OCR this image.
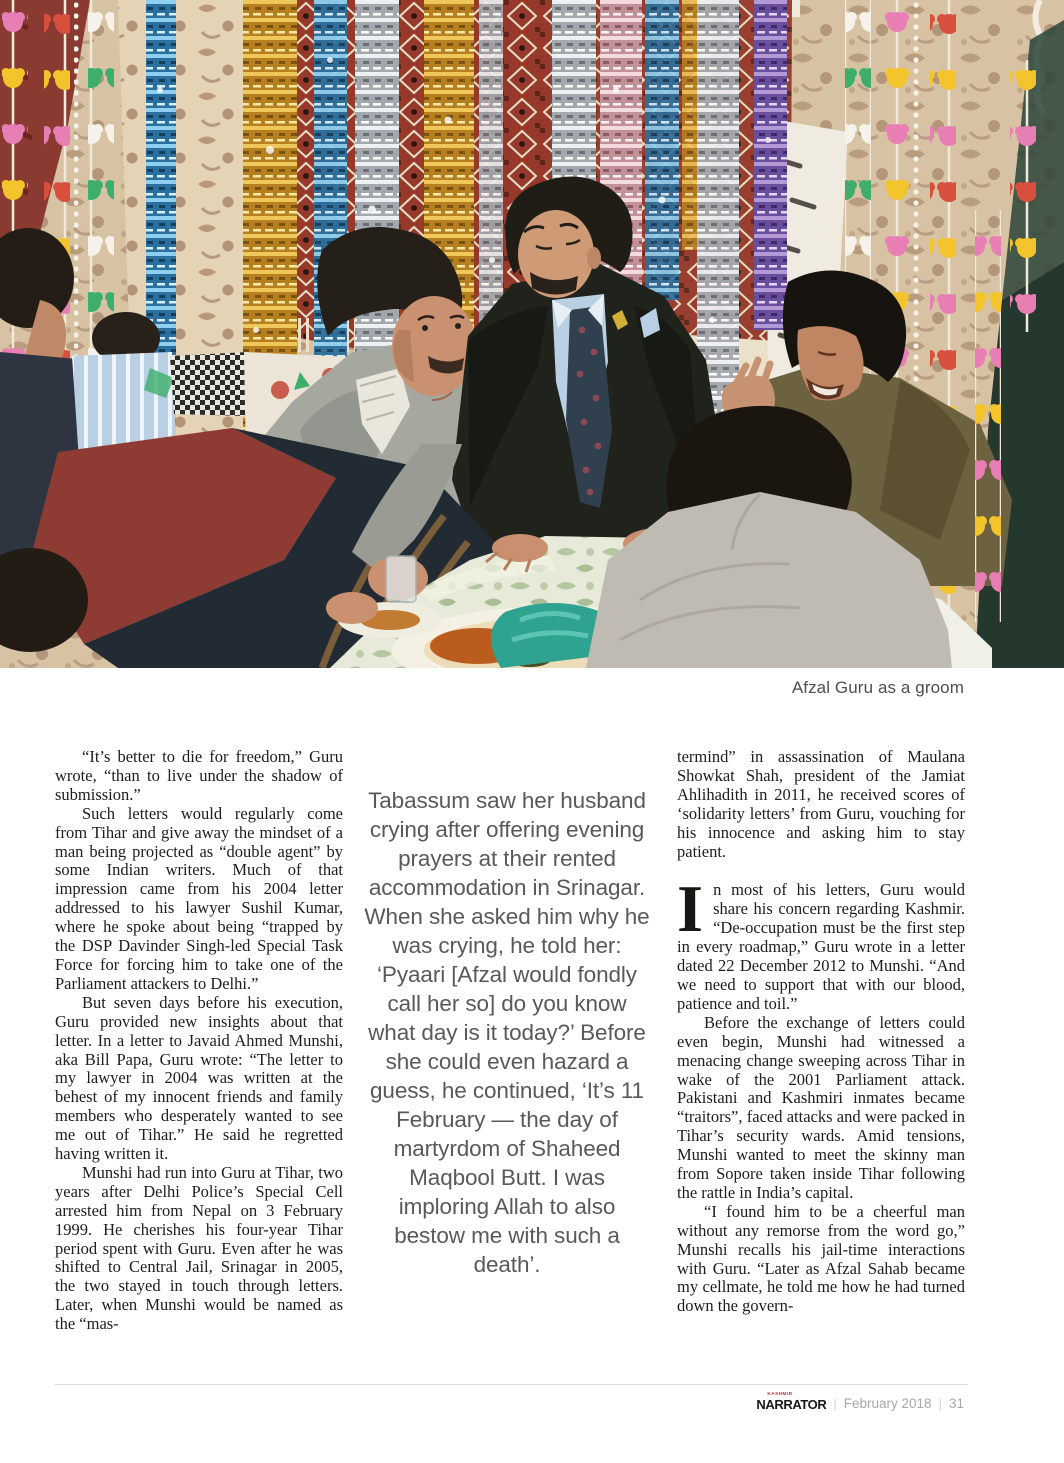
Afzal Guru as a groom

“It’s better to die for freedom,” Guru wrote, “than to live under the shadow of submission.”

Such letters would regularly come from Tihar and give away the mindset of a man being projected as “double agent” by some Indian writers. Much of that impression came from his 2004 letter addressed to his lawyer Sushil Kumar, where he spoke about being “trapped by the DSP Davinder Singh-led Special Task Force for forcing him to take one of the Parliament attackers to Delhi.”

But seven days before his execution, Guru provided new insights about that letter. In a letter to Javaid Ahmed Munshi, aka Bill Papa, Guru wrote: “The letter to my lawyer in 2004 was written at the behest of my innocent friends and family members who desperately wanted to see me out of Tihar.” He said he regretted having written it.

Munshi had run into Guru at Tihar, two years after Delhi Police’s Special Cell arrested him from Nepal on 3 February 1999. He cherishes his four-year Tihar period spent with Guru. Even after he was shifted to Central Jail, Srinagar in 2005, the two stayed in touch through letters. Later, when Munshi would be named as the “mas-

Tabassum saw her husband crying after offering evening prayers at their rented accommodation in Srinagar. When she asked him why he was crying, he told her: ‘Pyaari [Afzal would fondly call her so] do you know what day is it today?’ Before she could even hazard a guess, he continued, ‘It’s 11 February — the day of martyrdom of Shaheed Maqbool Butt. I was imploring Allah to also bestow me with such a death’.

termind” in assassination of Maulana Showkat Shah, president of the Jamiat Ahlihadith in 2011, he received scores of ‘solidarity letters’ from Guru, vouching for his innocence and asking him to stay patient.

In most of his letters, Guru would share his concern regarding Kashmir. “De-occupation must be the first step in every roadmap,” Guru wrote in a letter dated 22 December 2012 to Munshi. “And we need to support that with our blood, patience and toil.”

Before the exchange of letters could even begin, Munshi had witnessed a menacing change sweeping across Tihar in wake of the 2001 Parliament attack. Pakistani and Kashmiri inmates became “traitors”, faced attacks and were packed in Tihar’s security wards. Amid tensions, Munshi wanted to meet the skinny man from Sopore taken inside Tihar following the rattle in India’s capital.

“I found him to be a cheerful man without any remorse from the word go,” Munshi recalls his jail-time interactions with Guru. “Later as Afzal Sahab became my cellmate, he told me how he had turned down the govern-

KASHMIR
NARRATOR | February 2018 | 31
